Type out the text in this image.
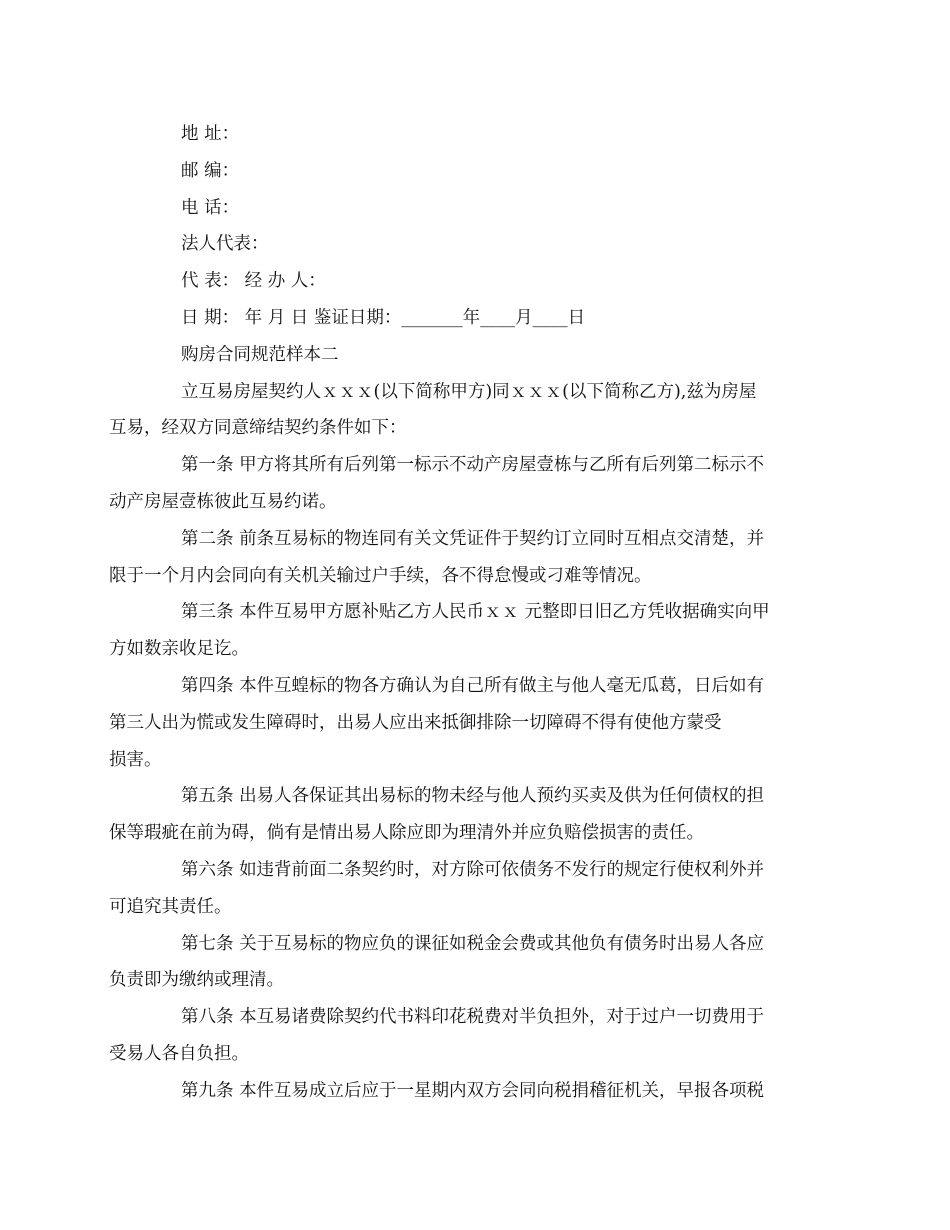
地 址：

邮 编：

电 话：

法人代表：

代 表： 经 办 人：

日 期： 年 月 日 鉴证日期：_______年____月____日

购房合同规范样本二

立互易房屋契约人ｘｘｘ(以下简称甲方)同ｘｘｘ(以下简称乙方),兹为房屋
互易，经双方同意缔结契约条件如下：

第一条 甲方将其所有后列第一标示不动产房屋壹栋与乙所有后列第二标示不
动产房屋壹栋彼此互易约诺。

第二条 前条互易标的物连同有关文凭证件于契约订立同时互相点交清楚，并
限于一个月内会同向有关机关输过户手续，各不得怠慢或刁难等情况。

第三条 本件互易甲方愿补贴乙方人民币ｘｘ 元整即日旧乙方凭收据确实向甲
方如数亲收足讫。

第四条 本件互蝗标的物各方确认为自己所有做主与他人毫无瓜葛，日后如有
第三人出为慌或发生障碍时，出易人应出来抵御排除一切障碍不得有使他方蒙受
损害。

第五条 出易人各保证其出易标的物未经与他人预约买卖及供为任何债权的担
保等瑕疵在前为碍，倘有是情出易人除应即为理清外并应负赔偿损害的责任。

第六条 如违背前面二条契约时，对方除可依债务不发行的规定行使权利外并
可追究其责任。

第七条 关于互易标的物应负的课征如税金会费或其他负有债务时出易人各应
负责即为缴纳或理清。

第八条 本互易诸费除契约代书料印花税费对半负担外，对于过户一切费用于
受易人各自负担。

第九条 本件互易成立后应于一星期内双方会同向税捐稽征机关，早报各项税
